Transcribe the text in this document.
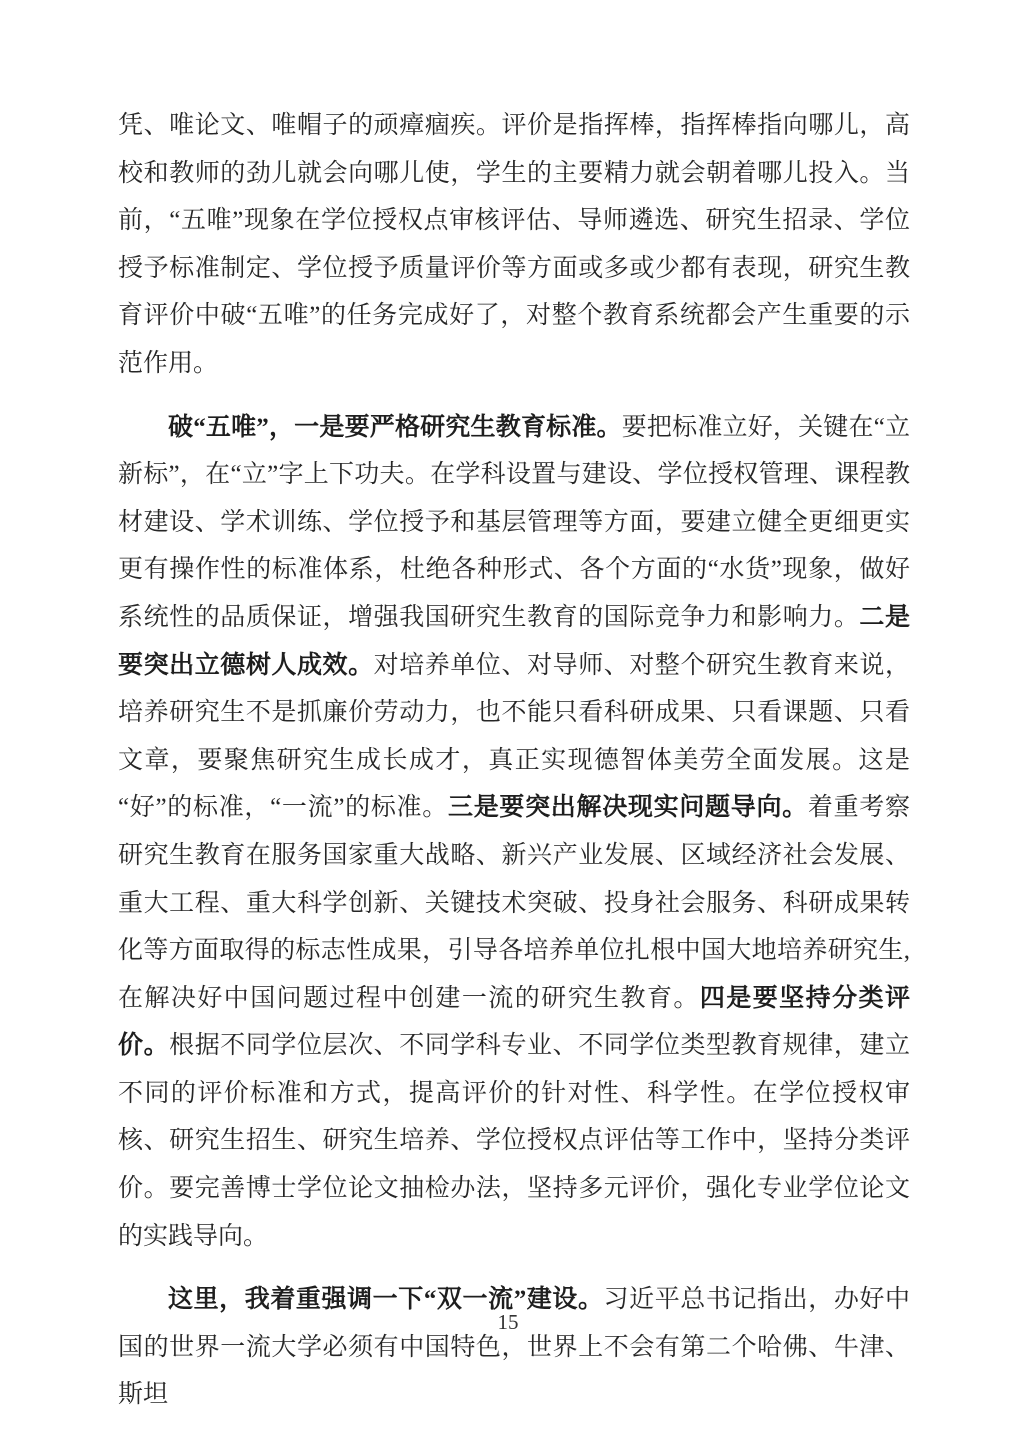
凭、唯论文、唯帽子的顽瘴痼疾。评价是指挥棒，指挥棒指向哪儿，高校和教师的劲儿就会向哪儿使，学生的主要精力就会朝着哪儿投入。当前，“五唯”现象在学位授权点审核评估、导师遴选、研究生招录、学位授予标准制定、学位授予质量评价等方面或多或少都有表现，研究生教育评价中破“五唯”的任务完成好了，对整个教育系统都会产生重要的示范作用。

破“五唯”，一是要严格研究生教育标准。要把标准立好，关键在“立新标”，在“立”字上下功夫。在学科设置与建设、学位授权管理、课程教材建设、学术训练、学位授予和基层管理等方面，要建立健全更细更实更有操作性的标准体系，杜绝各种形式、各个方面的“水货”现象，做好系统性的品质保证，增强我国研究生教育的国际竞争力和影响力。二是要突出立德树人成效。对培养单位、对导师、对整个研究生教育来说，培养研究生不是抓廉价劳动力，也不能只看科研成果、只看课题、只看文章，要聚焦研究生成长成才，真正实现德智体美劳全面发展。这是“好”的标准，“一流”的标准。三是要突出解决现实问题导向。着重考察研究生教育在服务国家重大战略、新兴产业发展、区域经济社会发展、重大工程、重大科学创新、关键技术突破、投身社会服务、科研成果转化等方面取得的标志性成果，引导各培养单位扎根中国大地培养研究生,在解决好中国问题过程中创建一流的研究生教育。四是要坚持分类评价。根据不同学位层次、不同学科专业、不同学位类型教育规律，建立不同的评价标准和方式，提高评价的针对性、科学性。在学位授权审核、研究生招生、研究生培养、学位授权点评估等工作中，坚持分类评价。要完善博士学位论文抽检办法，坚持多元评价，强化专业学位论文的实践导向。

这里，我着重强调一下“双一流”建设。习近平总书记指出，办好中国的世界一流大学必须有中国特色，世界上不会有第二个哈佛、牛津、斯坦

15
